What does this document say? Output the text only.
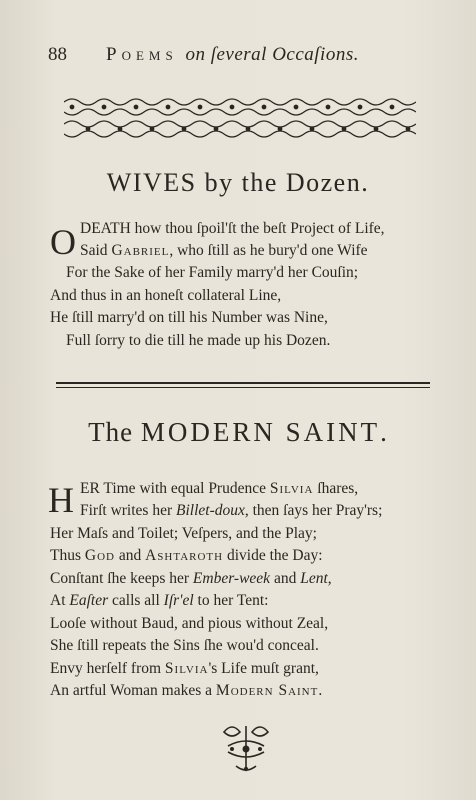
88 Poems on ſeveral Occaſions.
WIVES by the Dozen.
O DEATH how thou ſpoil'ſt the beſt Project of Life,
Said Gabriel, who ſtill as he bury'd one Wife
For the Sake of her Family marry'd her Couſin;
And thus in an honeſt collateral Line,
He ſtill marry'd on till his Number was Nine,
Full ſorry to die till he made up his Dozen.
The MODERN SAINT.
H ER Time with equal Prudence Silvia ſhares,
Firſt writes her Billet-doux, then ſays her Pray'rs;
Her Maſs and Toilet; Veſpers, and the Play;
Thus God and Ashtaroth divide the Day:
Conſtant ſhe keeps her Ember-week and Lent,
At Eaſter calls all Iſr'el to her Tent:
Looſe without Baud, and pious without Zeal,
She ſtill repeats the Sins ſhe wou'd conceal.
Envy herſelf from Silvia's Life muſt grant,
An artful Woman makes a Modern Saint.
